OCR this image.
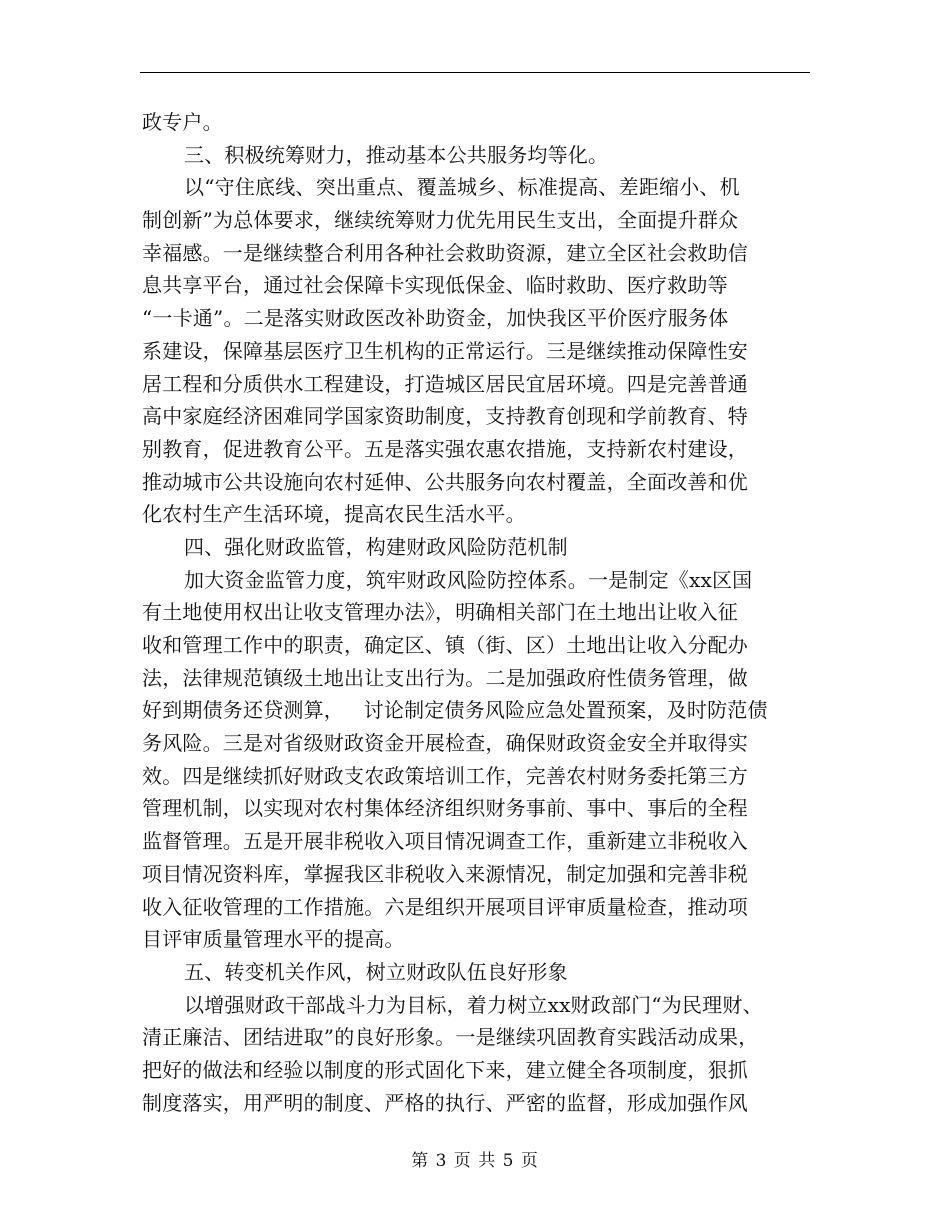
政专户。
三、积极统筹财力，推动基本公共服务均等化。
以“守住底线、突出重点、覆盖城乡、标准提高、差距缩小、机
制创新”为总体要求，继续统筹财力优先用民生支出，全面提升群众
幸福感。一是继续整合利用各种社会救助资源，建立全区社会救助信
息共享平台，通过社会保障卡实现低保金、临时救助、医疗救助等
“一卡通”。二是落实财政医改补助资金，加快我区平价医疗服务体
系建设，保障基层医疗卫生机构的正常运行。三是继续推动保障性安
居工程和分质供水工程建设，打造城区居民宜居环境。四是完善普通
高中家庭经济困难同学国家资助制度，支持教育创现和学前教育、特
别教育，促进教育公平。五是落实强农惠农措施，支持新农村建设，
推动城市公共设施向农村延伸、公共服务向农村覆盖，全面改善和优
化农村生产生活环境，提高农民生活水平。
四、强化财政监管，构建财政风险防范机制
加大资金监管力度，筑牢财政风险防控体系。一是制定《xx区国
有土地使用权出让收支管理办法》，明确相关部门在土地出让收入征
收和管理工作中的职责，确定区、镇（街、区）土地出让收入分配办
法，法律规范镇级土地出让支出行为。二是加强政府性债务管理，做
好到期债务还贷测算，   讨论制定债务风险应急处置预案，及时防范债
务风险。三是对省级财政资金开展检查，确保财政资金安全并取得实
效。四是继续抓好财政支农政策培训工作，完善农村财务委托第三方
管理机制，以实现对农村集体经济组织财务事前、事中、事后的全程
监督管理。五是开展非税收入项目情况调查工作，重新建立非税收入
项目情况资料库，掌握我区非税收入来源情况，制定加强和完善非税
收入征收管理的工作措施。六是组织开展项目评审质量检查，推动项
目评审质量管理水平的提高。
五、转变机关作风，树立财政队伍良好形象
以增强财政干部战斗力为目标，着力树立xx财政部门“为民理财、
清正廉洁、团结进取”的良好形象。一是继续巩固教育实践活动成果，
把好的做法和经验以制度的形式固化下来，建立健全各项制度，狠抓
制度落实，用严明的制度、严格的执行、严密的监督，形成加强作风
第 3 页 共 5 页
